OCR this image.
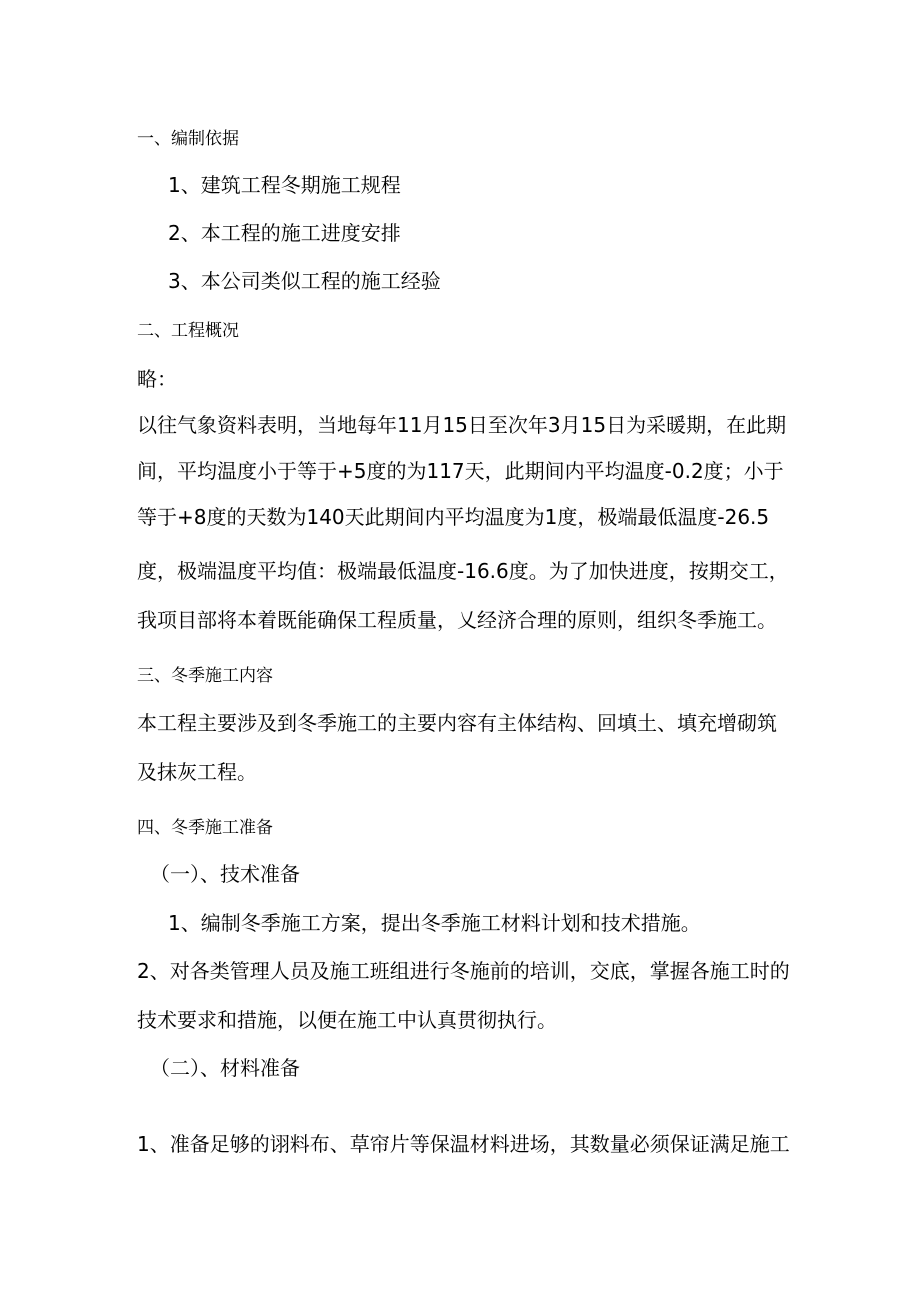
一、编制依据
1、建筑工程冬期施工规程
2、本工程的施工进度安排
3、本公司类似工程的施工经验
二、工程概况
略：
以往气象资料表明，当地每年11月15日至次年3月15日为采暖期，在此期
间，平均温度小于等于+5度的为117天，此期间内平均温度-0.2度；小于
等于+8度的天数为140天此期间内平均温度为1度，极端最低温度-26.5
度，极端温度平均值：极端最低温度-16.6度。为了加快进度，按期交工，
我项目部将本着既能确保工程质量，乂经济合理的原则，组织冬季施工。
三、冬季施工内容
本工程主要涉及到冬季施工的主要内容有主体结构、回填土、填充增砌筑
及抹灰工程。
四、冬季施工准备
（一）、技术准备
1、编制冬季施工方案，提出冬季施工材料计划和技术措施。
2、对各类管理人员及施工班组进行冬施前的培训，交底，掌握各施工时的
技术要求和措施，以便在施工中认真贯彻执行。
（二）、材料准备
1、准备足够的诩料布、草帘片等保温材料进场，其数量必须保证满足施工
